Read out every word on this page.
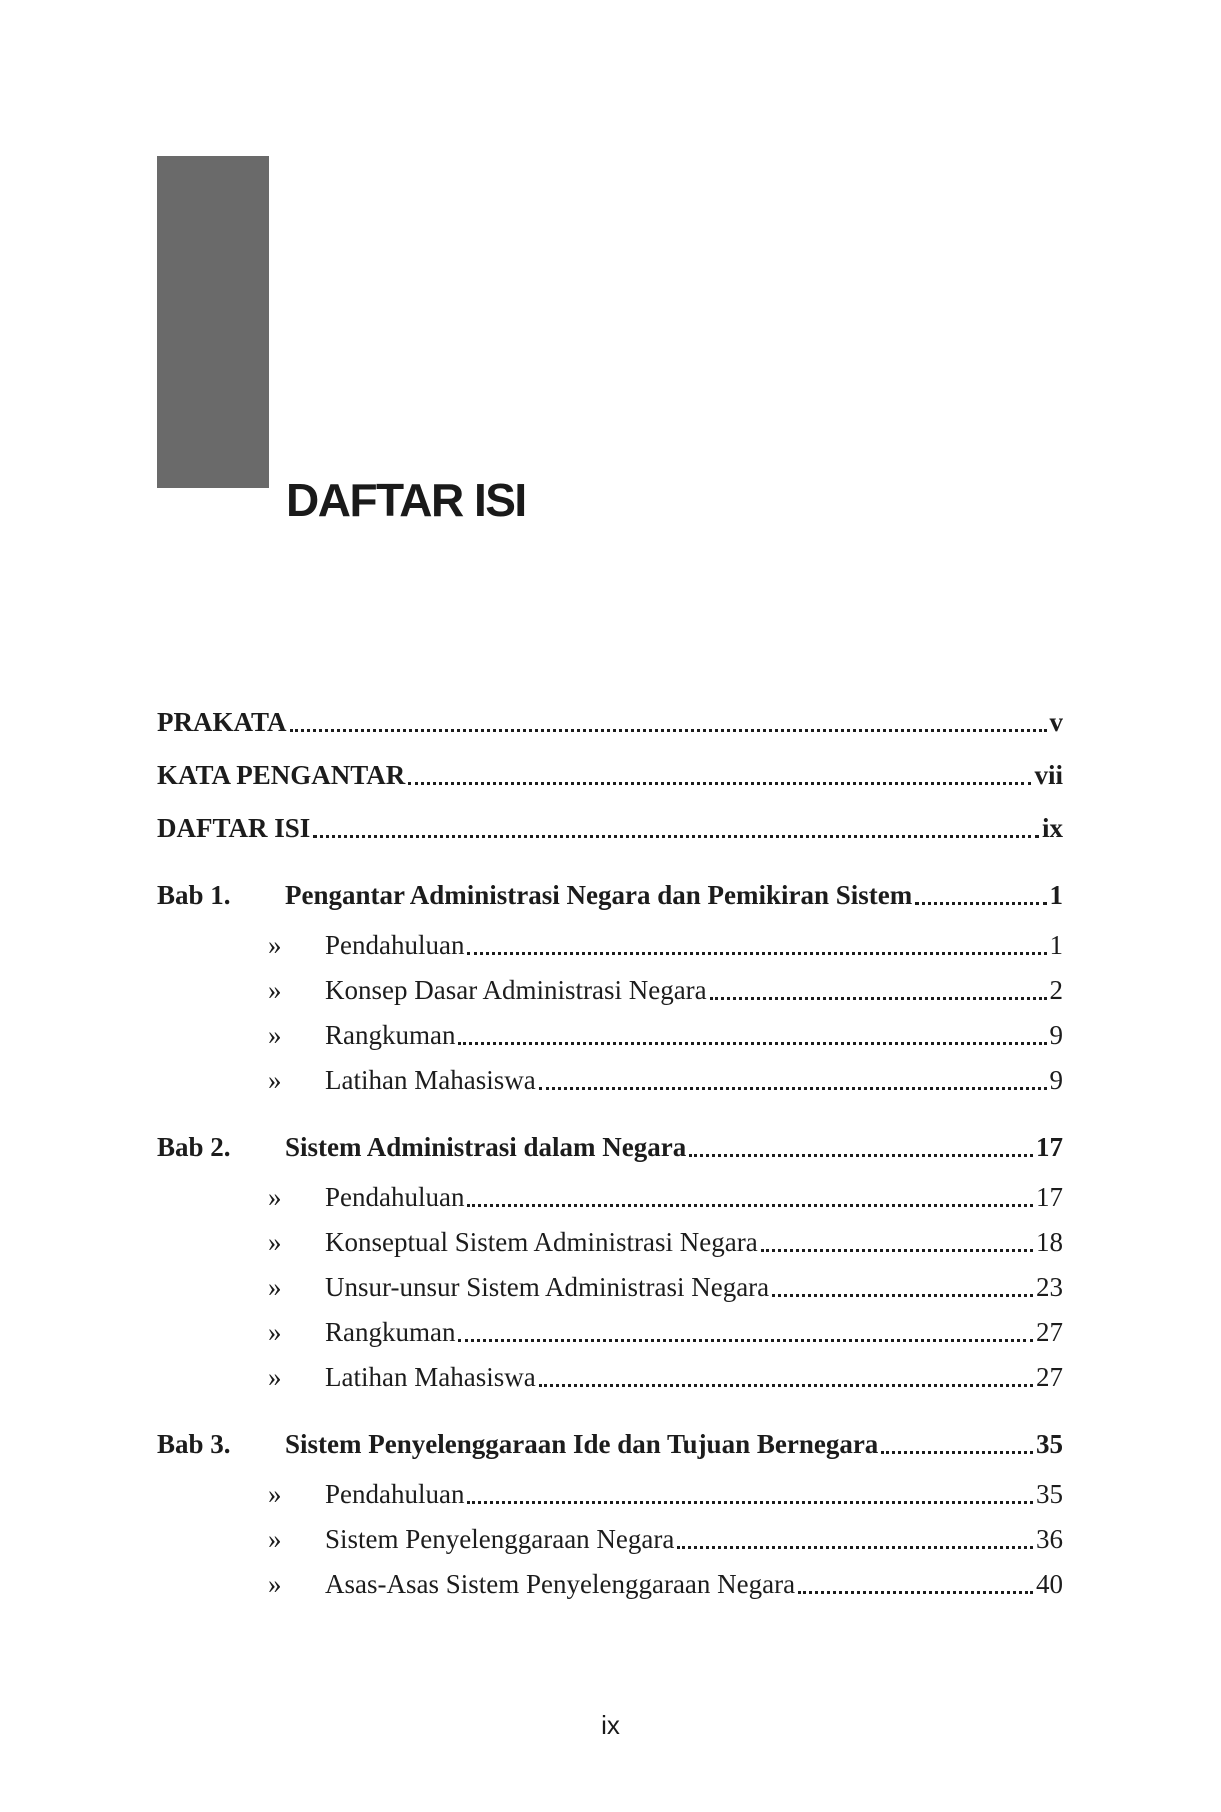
DAFTAR ISI
PRAKATA	v
KATA PENGANTAR	vii
DAFTAR ISI	ix
Bab 1.	Pengantar Administrasi Negara dan Pemikiran Sistem	1
»	Pendahuluan	1
»	Konsep Dasar Administrasi Negara	2
»	Rangkuman	9
»	Latihan Mahasiswa	9
Bab 2.	Sistem Administrasi dalam Negara	17
»	Pendahuluan	17
»	Konseptual Sistem Administrasi Negara	18
»	Unsur-unsur Sistem Administrasi Negara	23
»	Rangkuman	27
»	Latihan Mahasiswa	27
Bab 3.	Sistem Penyelenggaraan Ide dan Tujuan Bernegara	35
»	Pendahuluan	35
»	Sistem Penyelenggaraan Negara	36
»	Asas-Asas Sistem Penyelenggaraan Negara	40
ix
